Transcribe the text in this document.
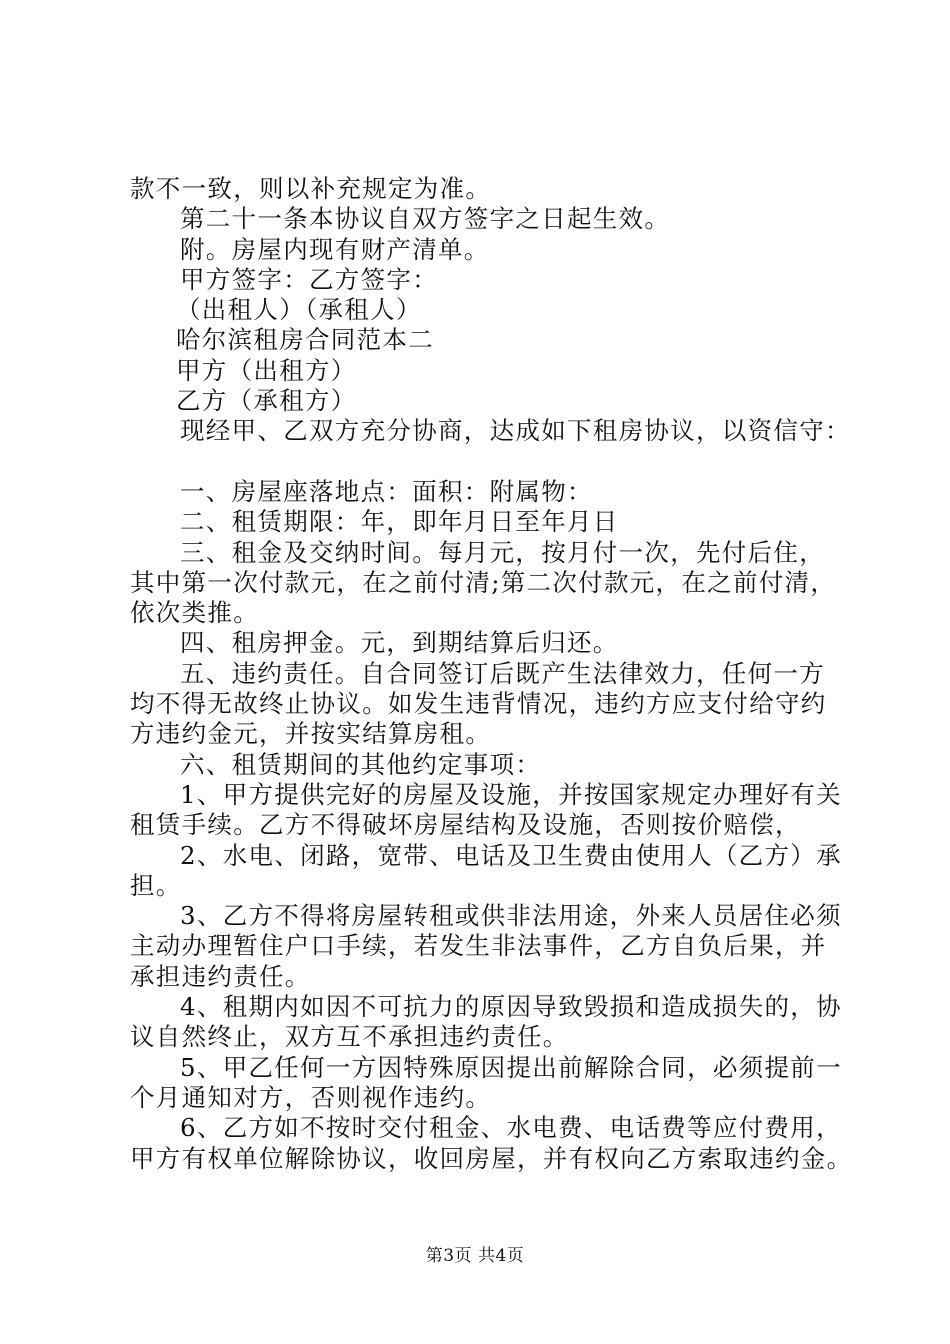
款不一致，则以补充规定为准。
第二十一条本协议自双方签字之日起生效。
附。房屋内现有财产清单。
甲方签字：乙方签字：
（出租人）（承租人）
哈尔滨租房合同范本二
甲方（出租方）
乙方（承租方）
现经甲、乙双方充分协商，达成如下租房协议，以资信守：
一、房屋座落地点：面积：附属物：
二、租赁期限：年，即年月日至年月日
三、租金及交纳时间。每月元，按月付一次，先付后住，
其中第一次付款元，在之前付清;第二次付款元，在之前付清，
依次类推。
四、租房押金。元，到期结算后归还。
五、违约责任。自合同签订后既产生法律效力，任何一方
均不得无故终止协议。如发生违背情况，违约方应支付给守约
方违约金元，并按实结算房租。
六、租赁期间的其他约定事项：
1、甲方提供完好的房屋及设施，并按国家规定办理好有关
租赁手续。乙方不得破坏房屋结构及设施，否则按价赔偿，
2、水电、闭路，宽带、电话及卫生费由使用人（乙方）承
担。
3、乙方不得将房屋转租或供非法用途，外来人员居住必须
主动办理暂住户口手续，若发生非法事件，乙方自负后果，并
承担违约责任。
4、租期内如因不可抗力的原因导致毁损和造成损失的，协
议自然终止，双方互不承担违约责任。
5、甲乙任何一方因特殊原因提出前解除合同，必须提前一
个月通知对方，否则视作违约。
6、乙方如不按时交付租金、水电费、电话费等应付费用，
甲方有权单位解除协议，收回房屋，并有权向乙方索取违约金。
第3页 共4页
